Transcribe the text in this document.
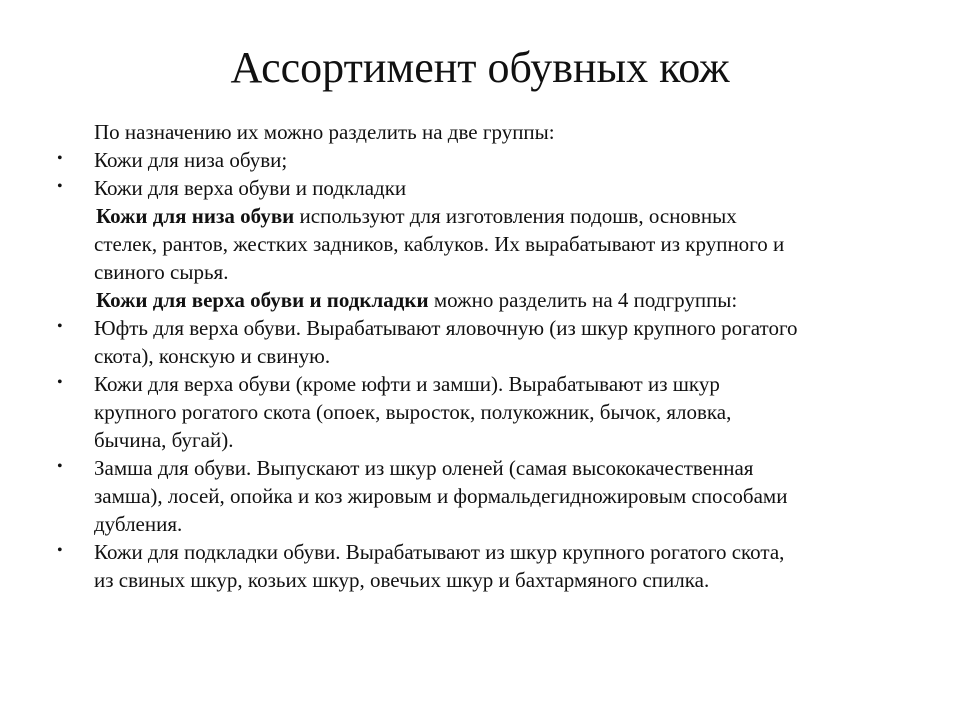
Ассортимент обувных кож
По назначению их можно разделить на две группы:
•	Кожи для низа обуви;
•	Кожи для верха обуви и подкладки
Кожи для низа обуви используют для изготовления подошв, основных
стелек, рантов, жестких задников, каблуков. Их вырабатывают из крупного и
свиного сырья.
Кожи для верха обуви и подкладки можно разделить на 4 подгруппы:
•	Юфть для верха обуви. Вырабатывают яловочную (из шкур крупного рогатого
скота), конскую и свиную.
•	Кожи для верха обуви (кроме юфти и замши). Вырабатывают из шкур
крупного рогатого скота (опоек, выросток, полукожник, бычок, яловка,
бычина, бугай).
•	Замша для обуви. Выпускают из шкур оленей (самая высококачественная
замша), лосей, опойка и коз жировым и формальдегидножировым способами
дубления.
•	Кожи для подкладки обуви. Вырабатывают из шкур крупного рогатого скота,
из свиных шкур, козьих шкур, овечьих шкур и бахтармяного спилка.
